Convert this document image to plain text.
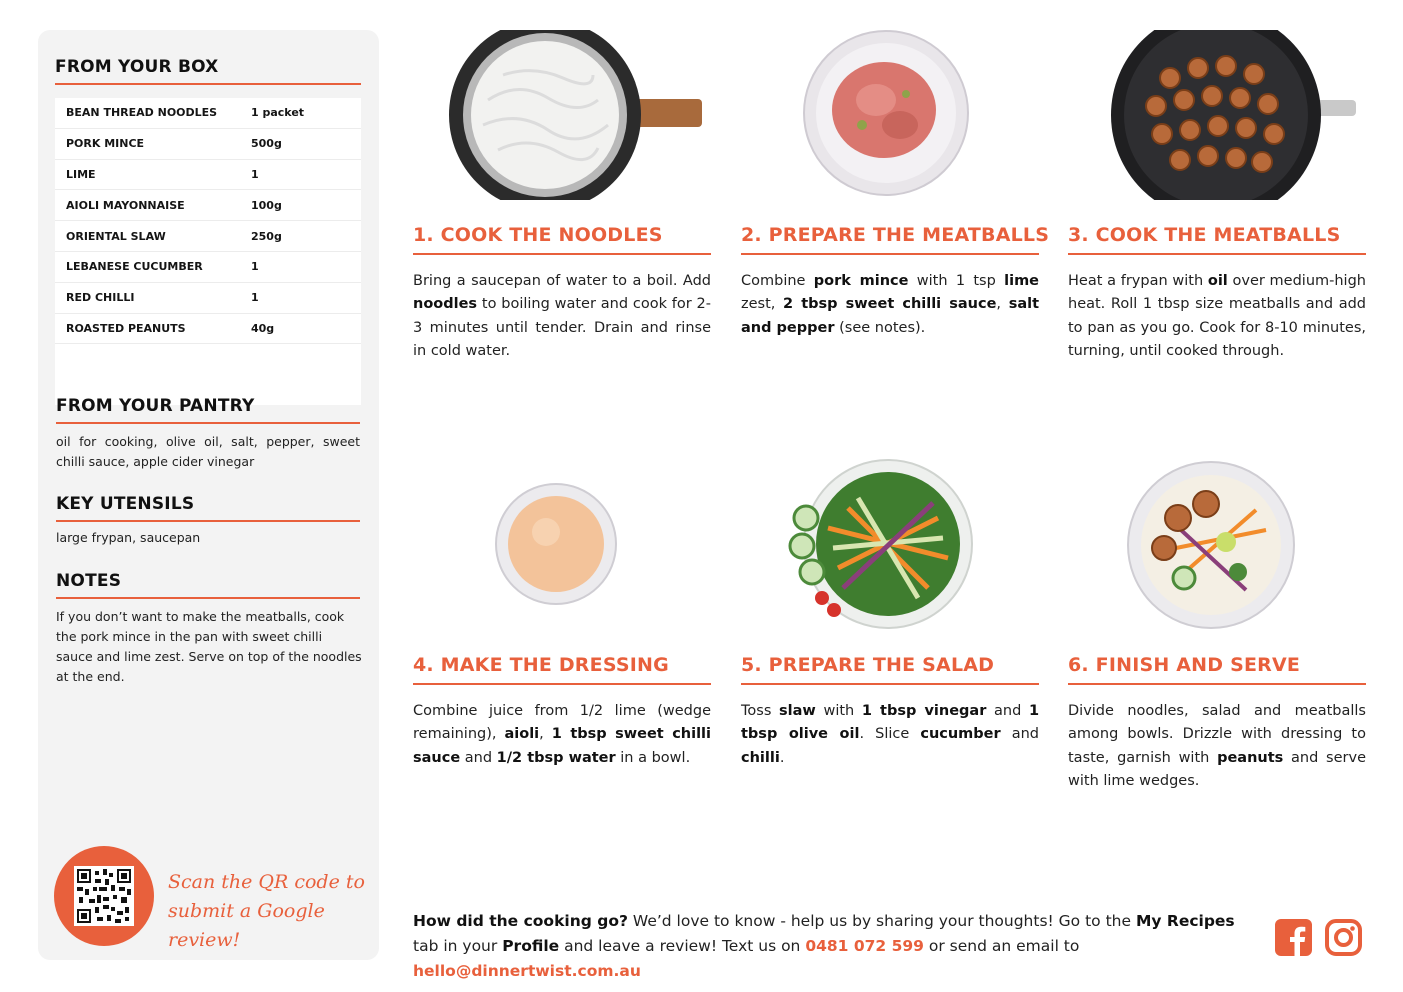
FROM YOUR BOX
BEAN THREAD NOODLES	1 packet
PORK MINCE	500g
LIME	1
AIOLI MAYONNAISE	100g
ORIENTAL SLAW	250g
LEBANESE CUCUMBER	1
RED CHILLI	1
ROASTED PEANUTS	40g
FROM YOUR PANTRY
oil for cooking, olive oil, salt, pepper, sweet chilli sauce, apple cider vinegar
KEY UTENSILS
large frypan, saucepan
NOTES
If you don’t want to make the meatballs, cook the pork mince in the pan with sweet chilli sauce and lime zest. Serve on top of the noodles at the end.
Scan the QR code to
submit a Google review!
1. COOK THE NOODLES
Bring a saucepan of water to a boil. Add noodles to boiling water and cook for 2-3 minutes until tender. Drain and rinse in cold water.
2. PREPARE THE MEATBALLS
Combine pork mince with 1 tsp lime zest, 2 tbsp sweet chilli sauce, salt and pepper (see notes).
3. COOK THE MEATBALLS
Heat a frypan with oil over medium-high heat. Roll 1 tbsp size meatballs and add to pan as you go. Cook for 8-10 minutes, turning, until cooked through.
4. MAKE THE DRESSING
Combine juice from 1/2 lime (wedge remaining), aioli, 1 tbsp sweet chilli sauce and 1/2 tbsp water in a bowl.
5. PREPARE THE SALAD
Toss slaw with 1 tbsp vinegar and 1 tbsp olive oil. Slice cucumber and chilli.
6. FINISH AND SERVE
Divide noodles, salad and meatballs among bowls. Drizzle with dressing to taste, garnish with peanuts and serve with lime wedges.
How did the cooking go? We’d love to know - help us by sharing your thoughts! Go to the My Recipes tab in your Profile and leave a review! Text us on 0481 072 599 or send an email to hello@dinnertwist.com.au
